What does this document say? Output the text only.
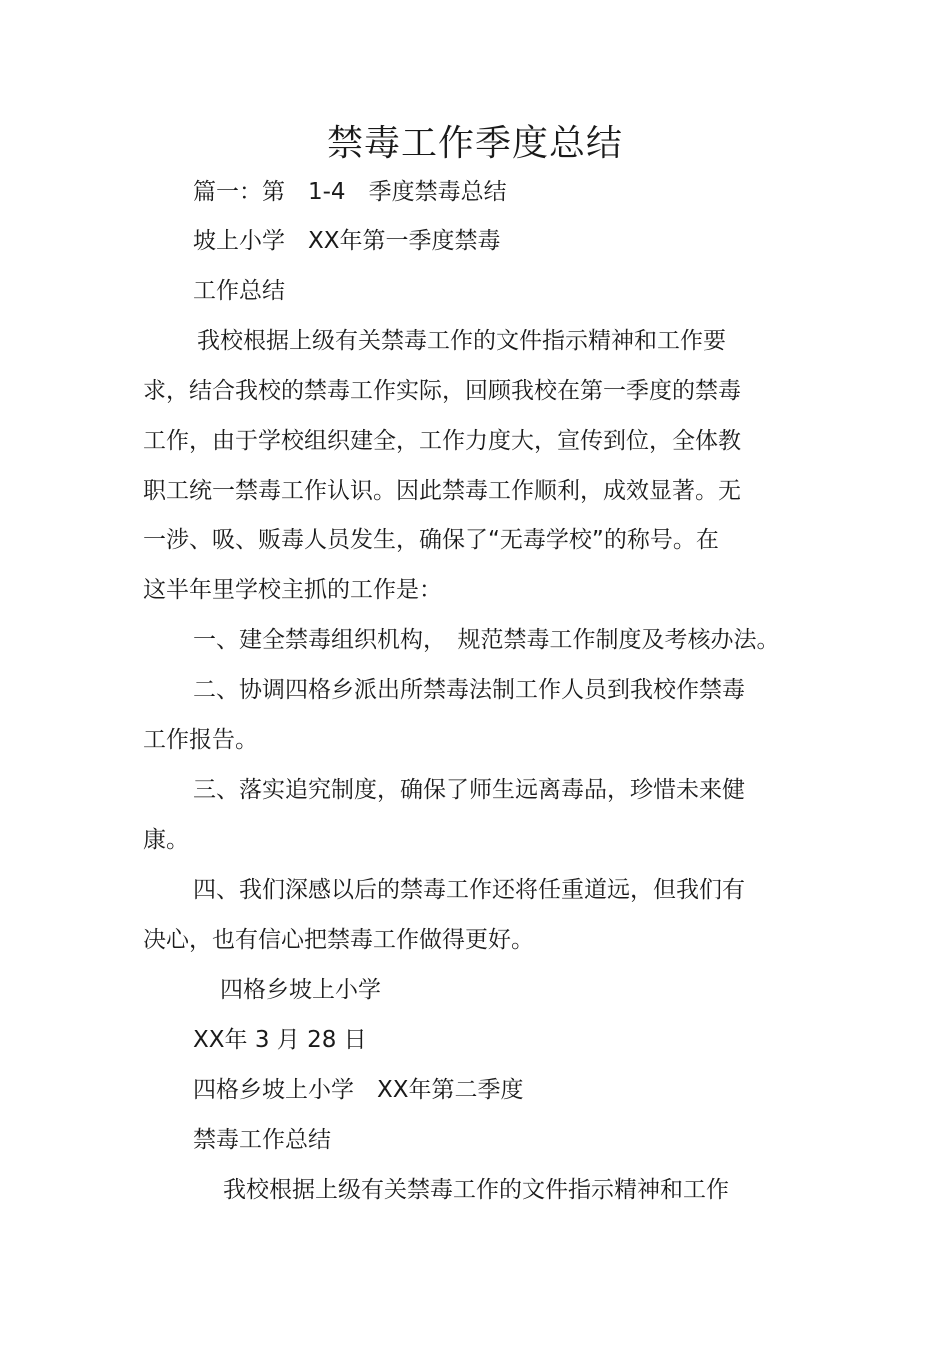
禁毒工作季度总结
篇一：第　1-4　季度禁毒总结
坡上小学　XX年第一季度禁毒
工作总结
我校根据上级有关禁毒工作的文件指示精神和工作要
求，结合我校的禁毒工作实际，回顾我校在第一季度的禁毒
工作，由于学校组织建全，工作力度大，宣传到位，全体教
职工统一禁毒工作认识。因此禁毒工作顺利，成效显著。无
一涉、吸、贩毒人员发生，确保了“无毒学校”的称号。在
这半年里学校主抓的工作是：
一、建全禁毒组织机构，　规范禁毒工作制度及考核办法。
二、协调四格乡派出所禁毒法制工作人员到我校作禁毒
工作报告。
三、落实追究制度，确保了师生远离毒品，珍惜未来健
康。
四、我们深感以后的禁毒工作还将任重道远，但我们有
决心，也有信心把禁毒工作做得更好。
四格乡坡上小学
XX年 3 月 28 日
四格乡坡上小学　XX年第二季度
禁毒工作总结
我校根据上级有关禁毒工作的文件指示精神和工作
